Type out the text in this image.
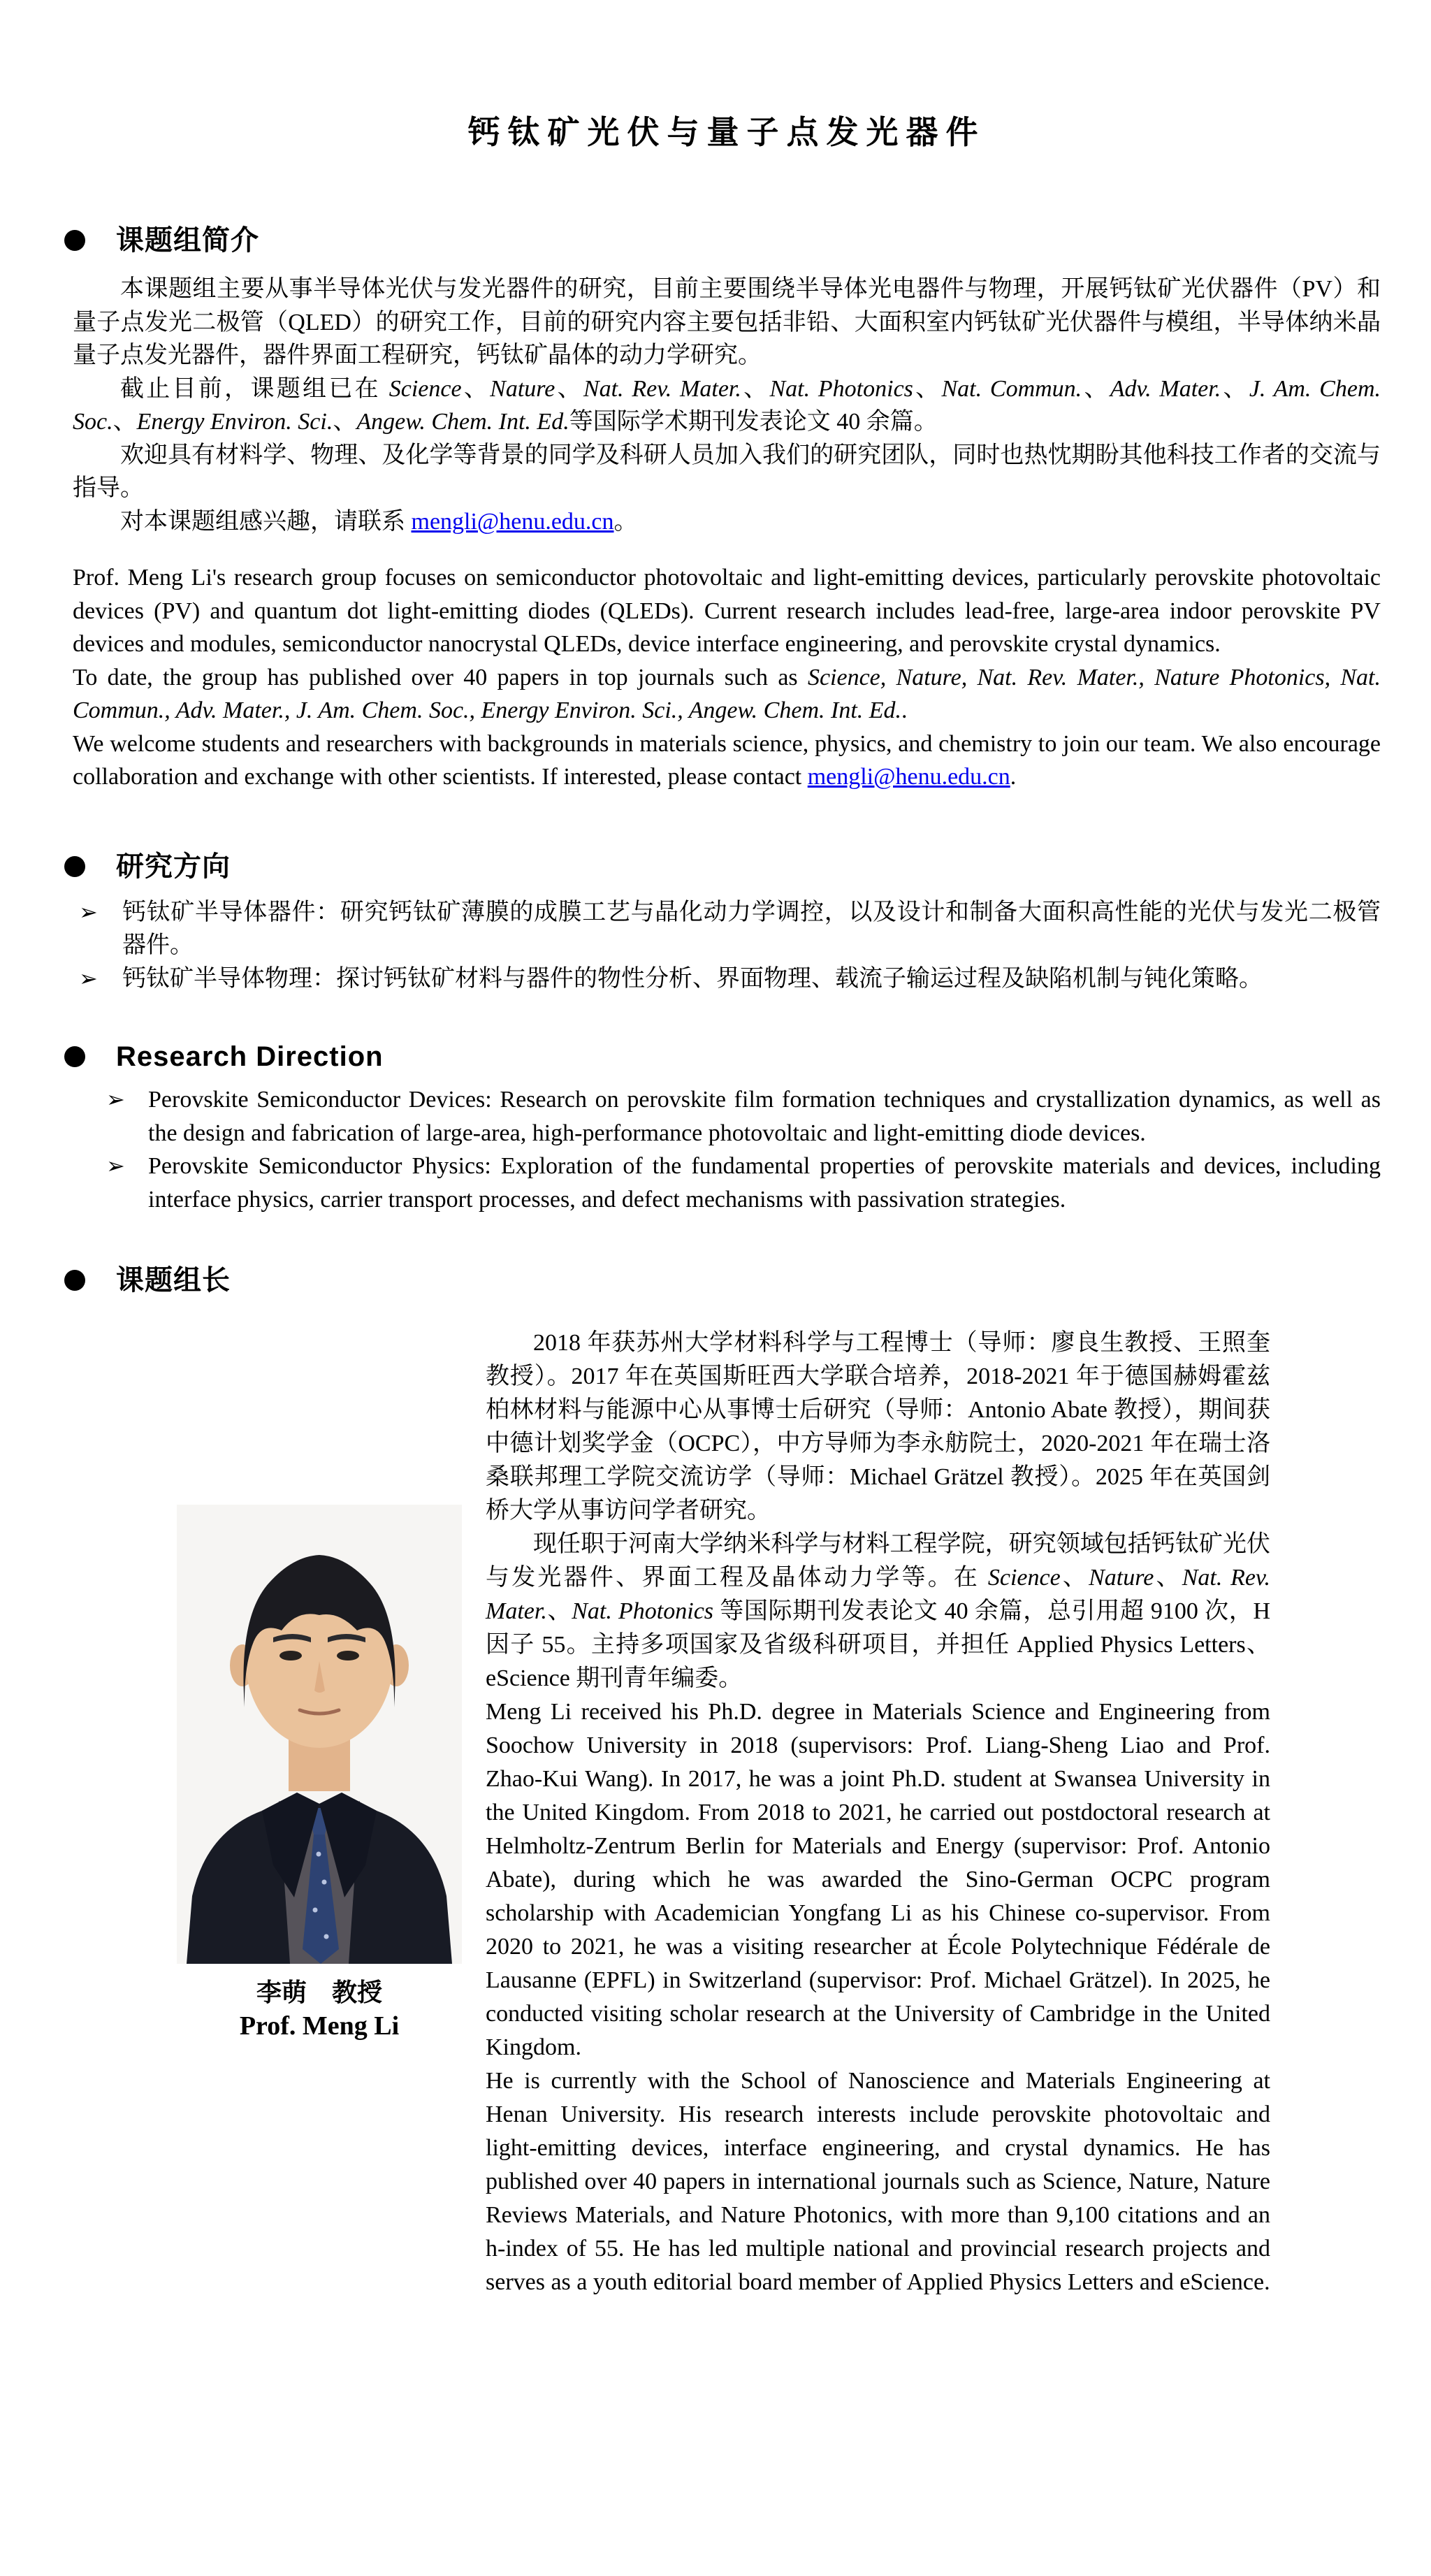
钙钛矿光伏与量子点发光器件
课题组简介

本课题组主要从事半导体光伏与发光器件的研究，目前主要围绕半导体光电器件与物理，开展钙钛矿光伏器件（PV）和量子点发光二极管（QLED）的研究工作，目前的研究内容主要包括非铅、大面积室内钙钛矿光伏器件与模组，半导体纳米晶量子点发光器件，器件界面工程研究，钙钛矿晶体的动力学研究。

截止目前，课题组已在 Science、Nature、Nat. Rev. Mater.、Nat. Photonics、Nat. Commun.、Adv. Mater.、J. Am. Chem. Soc.、Energy Environ. Sci.、Angew. Chem. Int. Ed.等国际学术期刊发表论文 40 余篇。

欢迎具有材料学、物理、及化学等背景的同学及科研人员加入我们的研究团队，同时也热忱期盼其他科技工作者的交流与指导。

对本课题组感兴趣，请联系 mengli@henu.edu.cn。

Prof. Meng Li's research group focuses on semiconductor photovoltaic and light-emitting devices, particularly perovskite photovoltaic devices (PV) and quantum dot light-emitting diodes (QLEDs). Current research includes lead-free, large-area indoor perovskite PV devices and modules, semiconductor nanocrystal QLEDs, device interface engineering, and perovskite crystal dynamics.

To date, the group has published over 40 papers in top journals such as Science, Nature, Nat. Rev. Mater., Nature Photonics, Nat. Commun., Adv. Mater., J. Am. Chem. Soc., Energy Environ. Sci., Angew. Chem. Int. Ed..

We welcome students and researchers with backgrounds in materials science, physics, and chemistry to join our team. We also encourage collaboration and exchange with other scientists. If interested, please contact mengli@henu.edu.cn.

研究方向
➢	钙钛矿半导体器件：研究钙钛矿薄膜的成膜工艺与晶化动力学调控，以及设计和制备大面积高性能的光伏与发光二极管器件。
➢	钙钛矿半导体物理：探讨钙钛矿材料与器件的物性分析、界面物理、载流子输运过程及缺陷机制与钝化策略。
Research Direction
➢ Perovskite Semiconductor Devices: Research on perovskite film formation techniques and crystallization dynamics, as well as the design and fabrication of large-area, high-performance photovoltaic and light-emitting diode devices.
➢ Perovskite Semiconductor Physics: Exploration of the fundamental properties of perovskite materials and devices, including interface physics, carrier transport processes, and defect mechanisms with passivation strategies.
课题组长
李萌　教授
Prof. Meng Li

2018 年获苏州大学材料科学与工程博士（导师：廖良生教授、王照奎教授）。2017 年在英国斯旺西大学联合培养，2018-2021 年于德国赫姆霍兹柏林材料与能源中心从事博士后研究（导师：Antonio Abate 教授），期间获中德计划奖学金（OCPC），中方导师为李永舫院士，2020-2021 年在瑞士洛桑联邦理工学院交流访学（导师：Michael Grätzel 教授）。2025 年在英国剑桥大学从事访问学者研究。

现任职于河南大学纳米科学与材料工程学院，研究领域包括钙钛矿光伏与发光器件、界面工程及晶体动力学等。在 Science、Nature、Nat. Rev. Mater.、Nat. Photonics 等国际期刊发表论文 40 余篇，总引用超 9100 次，H 因子 55。主持多项国家及省级科研项目，并担任 Applied Physics Letters、eScience 期刊青年编委。

Meng Li received his Ph.D. degree in Materials Science and Engineering from Soochow University in 2018 (supervisors: Prof. Liang-Sheng Liao and Prof. Zhao-Kui Wang). In 2017, he was a joint Ph.D. student at Swansea University in the United Kingdom. From 2018 to 2021, he carried out postdoctoral research at Helmholtz-Zentrum Berlin for Materials and Energy (supervisor: Prof. Antonio Abate), during which he was awarded the Sino-German OCPC program scholarship with Academician Yongfang Li as his Chinese co-supervisor. From 2020 to 2021, he was a visiting researcher at École Polytechnique Fédérale de Lausanne (EPFL) in Switzerland (supervisor: Prof. Michael Grätzel). In 2025, he conducted visiting scholar research at the University of Cambridge in the United Kingdom.

He is currently with the School of Nanoscience and Materials Engineering at Henan University. His research interests include perovskite photovoltaic and light-emitting devices, interface engineering, and crystal dynamics. He has published over 40 papers in international journals such as Science, Nature, Nature Reviews Materials, and Nature Photonics, with more than 9,100 citations and an h-index of 55. He has led multiple national and provincial research projects and serves as a youth editorial board member of Applied Physics Letters and eScience.
